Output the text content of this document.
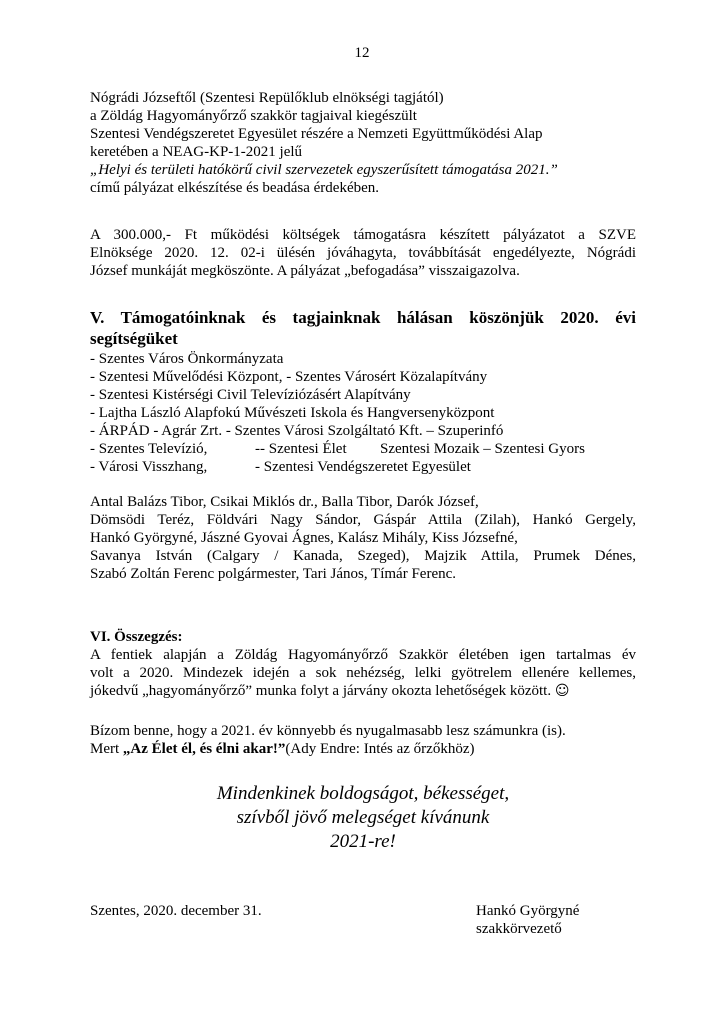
12
Nógrádi Józseftől (Szentesi Repülőklub elnökségi tagjától)
a Zöldág Hagyományőrző szakkör tagjaival kiegészült
Szentesi Vendégszeretet Egyesület részére a Nemzeti Együttműködési Alap
keretében a NEAG-KP-1-2021 jelű
„Helyi és területi hatókörű civil szervezetek egyszerűsített támogatása 2021.”
című pályázat elkészítése és beadása érdekében.
A 300.000,- Ft működési költségek támogatásra készített pályázatot a SZVE
Elnöksége 2020. 12. 02-i ülésén jóváhagyta, továbbítását engedélyezte, Nógrádi
József munkáját megköszönte. A pályázat „befogadása” visszaigazolva.
V. Támogatóinknak és tagjainknak hálásan köszönjük 2020. évi
segítségüket
- Szentes Város Önkormányzata
- Szentesi Művelődési Központ, - Szentes Városért Közalapítvány
- Szentesi Kistérségi Civil Televíziózásért Alapítvány
- Lajtha László Alapfokú Művészeti Iskola és Hangversenyközpont
- ÁRPÁD - Agrár Zrt. - Szentes Városi Szolgáltató Kft. – Szuperinfó
- Szentes Televízió,	-- Szentesi Élet Szentesi Mozaik – Szentesi Gyors
- Városi Visszhang,	- Szentesi Vendégszeretet Egyesület
Antal Balázs Tibor, Csikai Miklós dr., Balla Tibor, Darók József,
Dömsödi Teréz, Földvári Nagy Sándor, Gáspár Attila (Zilah), Hankó Gergely,
Hankó Györgyné, Jászné Gyovai Ágnes, Kalász Mihály, Kiss Józsefné,
Savanya István (Calgary / Kanada, Szeged), Majzik Attila, Prumek Dénes,
Szabó Zoltán Ferenc polgármester, Tari János, Tímár Ferenc.
VI. Összegzés:
A fentiek alapján a Zöldág Hagyományőrző Szakkör életében igen tartalmas év
volt a 2020. Mindezek idején a sok nehézség, lelki gyötrelem ellenére kellemes,
jókedvű „hagyományőrző” munka folyt a járvány okozta lehetőségek között. ☺
Bízom benne, hogy a 2021. év könnyebb és nyugalmasabb lesz számunkra (is).
Mert „Az Élet él, és élni akar!”(Ady Endre: Intés az őrzőkhöz)
Mindenkinek boldogságot, békességet,
szívből jövő melegséget kívánunk
2021-re!
Szentes, 2020. december 31.	Hankó Györgyné
szakkörvezető
